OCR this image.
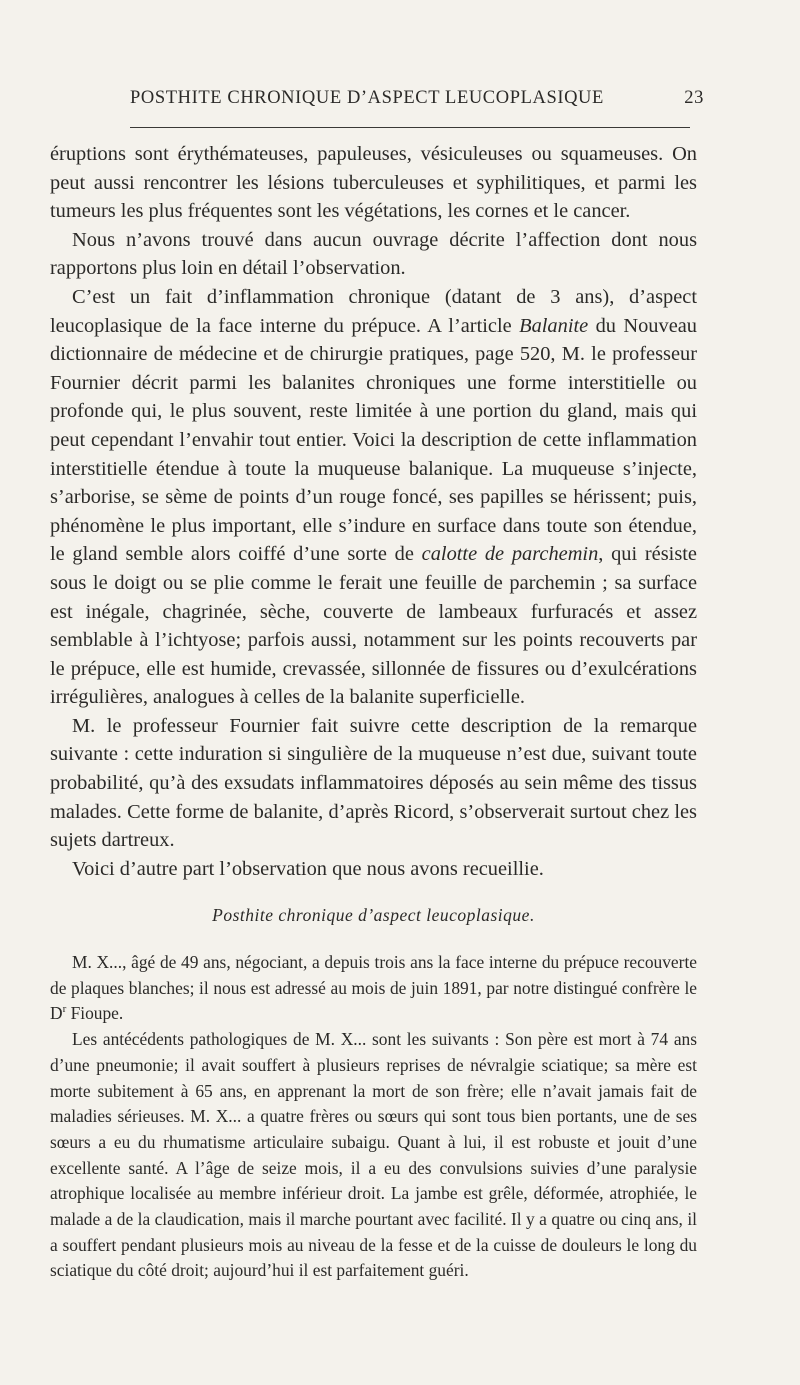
POSTHITE CHRONIQUE D’ASPECT LEUCOPLASIQUE	23

éruptions sont érythémateuses, papuleuses, vésiculeuses ou squameuses. On peut aussi rencontrer les lésions tuberculeuses et syphilitiques, et parmi les tumeurs les plus fréquentes sont les végétations, les cornes et le cancer.

Nous n’avons trouvé dans aucun ouvrage décrite l’affection dont nous rapportons plus loin en détail l’observation.

C’est un fait d’inflammation chronique (datant de 3 ans), d’aspect leucoplasique de la face interne du prépuce. A l’article Balanite du Nouveau dictionnaire de médecine et de chirurgie pratiques, page 520, M. le professeur Fournier décrit parmi les balanites chroniques une forme interstitielle ou profonde qui, le plus souvent, reste limitée à une portion du gland, mais qui peut cependant l’envahir tout entier. Voici la description de cette inflammation interstitielle étendue à toute la muqueuse balanique. La muqueuse s’injecte, s’arborise, se sème de points d’un rouge foncé, ses papilles se hérissent; puis, phénomène le plus important, elle s’indure en surface dans toute son étendue, le gland semble alors coiffé d’une sorte de calotte de parchemin, qui résiste sous le doigt ou se plie comme le ferait une feuille de parchemin ; sa surface est inégale, chagrinée, sèche, couverte de lambeaux furfuracés et assez semblable à l’ichtyose; parfois aussi, notamment sur les points recouverts par le prépuce, elle est humide, crevassée, sillonnée de fissures ou d’exulcérations irrégulières, analogues à celles de la balanite superficielle.

M. le professeur Fournier fait suivre cette description de la remarque suivante : cette induration si singulière de la muqueuse n’est due, suivant toute probabilité, qu’à des exsudats inflammatoires déposés au sein même des tissus malades. Cette forme de balanite, d’après Ricord, s’observerait surtout chez les sujets dartreux.

Voici d’autre part l’observation que nous avons recueillie.

Posthite chronique d’aspect leucoplasique.

M. X..., âgé de 49 ans, négociant, a depuis trois ans la face interne du prépuce recouverte de plaques blanches; il nous est adressé au mois de juin 1891, par notre distingué confrère le $D^r$ Fioupe.

Les antécédents pathologiques de M. X... sont les suivants : Son père est mort à 74 ans d’une pneumonie; il avait souffert à plusieurs reprises de névralgie sciatique; sa mère est morte subitement à 65 ans, en apprenant la mort de son frère; elle n’avait jamais fait de maladies sérieuses. M. X... a quatre frères ou sœurs qui sont tous bien portants, une de ses sœurs a eu du rhumatisme articulaire subaigu. Quant à lui, il est robuste et jouit d’une excellente santé. A l’âge de seize mois, il a eu des convulsions suivies d’une paralysie atrophique localisée au membre inférieur droit. La jambe est grêle, déformée, atrophiée, le malade a de la claudication, mais il marche pourtant avec facilité. Il y a quatre ou cinq ans, il a souffert pendant plusieurs mois au niveau de la fesse et de la cuisse de douleurs le long du sciatique du côté droit; aujourd’hui il est parfaitement guéri.
